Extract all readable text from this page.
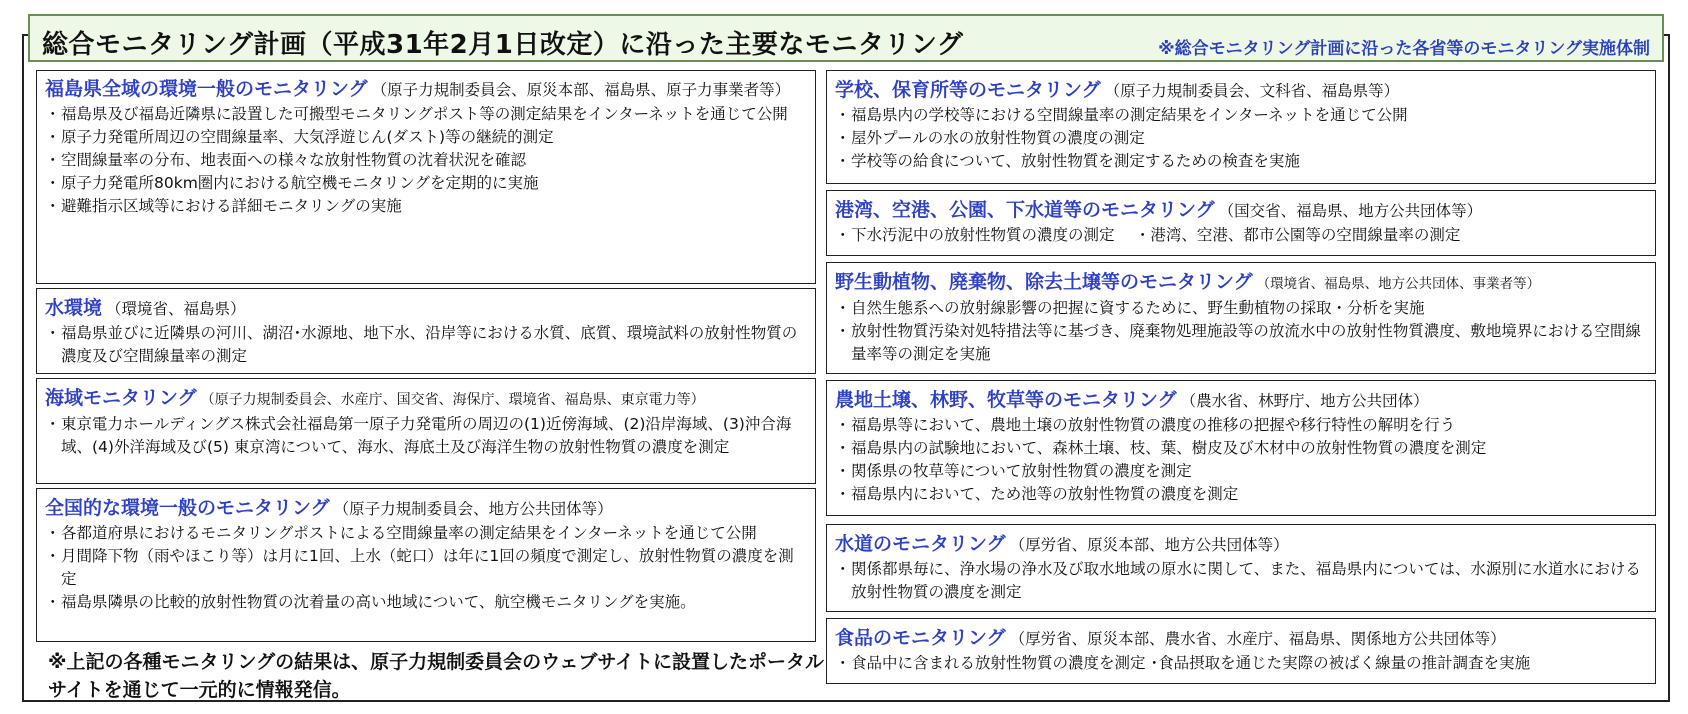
総合モニタリング計画（平成31年2月1日改定）に沿った主要なモニタリング	※総合モニタリング計画に沿った各省等のモニタリング実施体制
福島県全域の環境一般のモニタリング （原子力規制委員会、原災本部、福島県、原子力事業者等）
・ 福島県及び福島近隣県に設置した可搬型モニタリングポスト等の測定結果をインターネットを通じて公開
・ 原子力発電所周辺の空間線量率、大気浮遊じん(ダスト)等の継続的測定
・ 空間線量率の分布、地表面への様々な放射性物質の沈着状況を確認
・ 原子力発電所80km圏内における航空機モニタリングを定期的に実施
・ 避難指示区域等における詳細モニタリングの実施
水環境 （環境省、福島県）
・ 福島県並びに近隣県の河川、湖沼･水源地、地下水、沿岸等における水質、底質、環境試料の放射性物質の濃度及び空間線量率の測定
海域モニタリング （原子力規制委員会、水産庁、国交省、海保庁、環境省、福島県、東京電力等）
・ 東京電力ホールディングス株式会社福島第一原子力発電所の周辺の(1)近傍海域、(2)沿岸海域、(3)沖合海域、(4)外洋海域及び(5) 東京湾について、海水、海底土及び海洋生物の放射性物質の濃度を測定
全国的な環境一般のモニタリング （原子力規制委員会、地方公共団体等）
・ 各都道府県におけるモニタリングポストによる空間線量率の測定結果をインターネットを通じて公開
・ 月間降下物（雨やほこり等）は月に1回、上水（蛇口）は年に1回の頻度で測定し、放射性物質の濃度を測定
・ 福島県隣県の比較的放射性物質の沈着量の高い地域について、航空機モニタリングを実施。
※上記の各種モニタリングの結果は、原子力規制委員会のウェブサイトに設置したポータルサイトを通じて一元的に情報発信。
学校、保育所等のモニタリング （原子力規制委員会、文科省、福島県等）
・ 福島県内の学校等における空間線量率の測定結果をインターネットを通じて公開
・ 屋外プールの水の放射性物質の濃度の測定
・ 学校等の給食について、放射性物質を測定するための検査を実施
港湾、空港、公園、下水道等のモニタリング （国交省、福島県、地方公共団体等）
・ 下水汚泥中の放射性物質の濃度の測定　 ・港湾、空港、都市公園等の空間線量率の測定
野生動植物、廃棄物、除去土壌等のモニタリング （環境省、福島県、地方公共団体、事業者等）
・ 自然生態系への放射線影響の把握に資するために、野生動植物の採取・分析を実施
・ 放射性物質汚染対処特措法等に基づき、廃棄物処理施設等の放流水中の放射性物質濃度、敷地境界における空間線量率等の測定を実施
農地土壌、林野、牧草等のモニタリング （農水省、林野庁、地方公共団体）
・ 福島県等において、農地土壌の放射性物質の濃度の推移の把握や移行特性の解明を行う
・ 福島県内の試験地において、森林土壌、枝、葉、樹皮及び木材中の放射性物質の濃度を測定
・ 関係県の牧草等について放射性物質の濃度を測定
・ 福島県内において、ため池等の放射性物質の濃度を測定
水道のモニタリング （厚労省、原災本部、地方公共団体等）
・ 関係都県毎に、浄水場の浄水及び取水地域の原水に関して、また、福島県内については、水源別に水道水における放射性物質の濃度を測定
食品のモニタリング （厚労省、原災本部、農水省、水産庁、福島県、関係地方公共団体等）
・ 食品中に含まれる放射性物質の濃度を測定 ･食品摂取を通じた実際の被ばく線量の推計調査を実施
